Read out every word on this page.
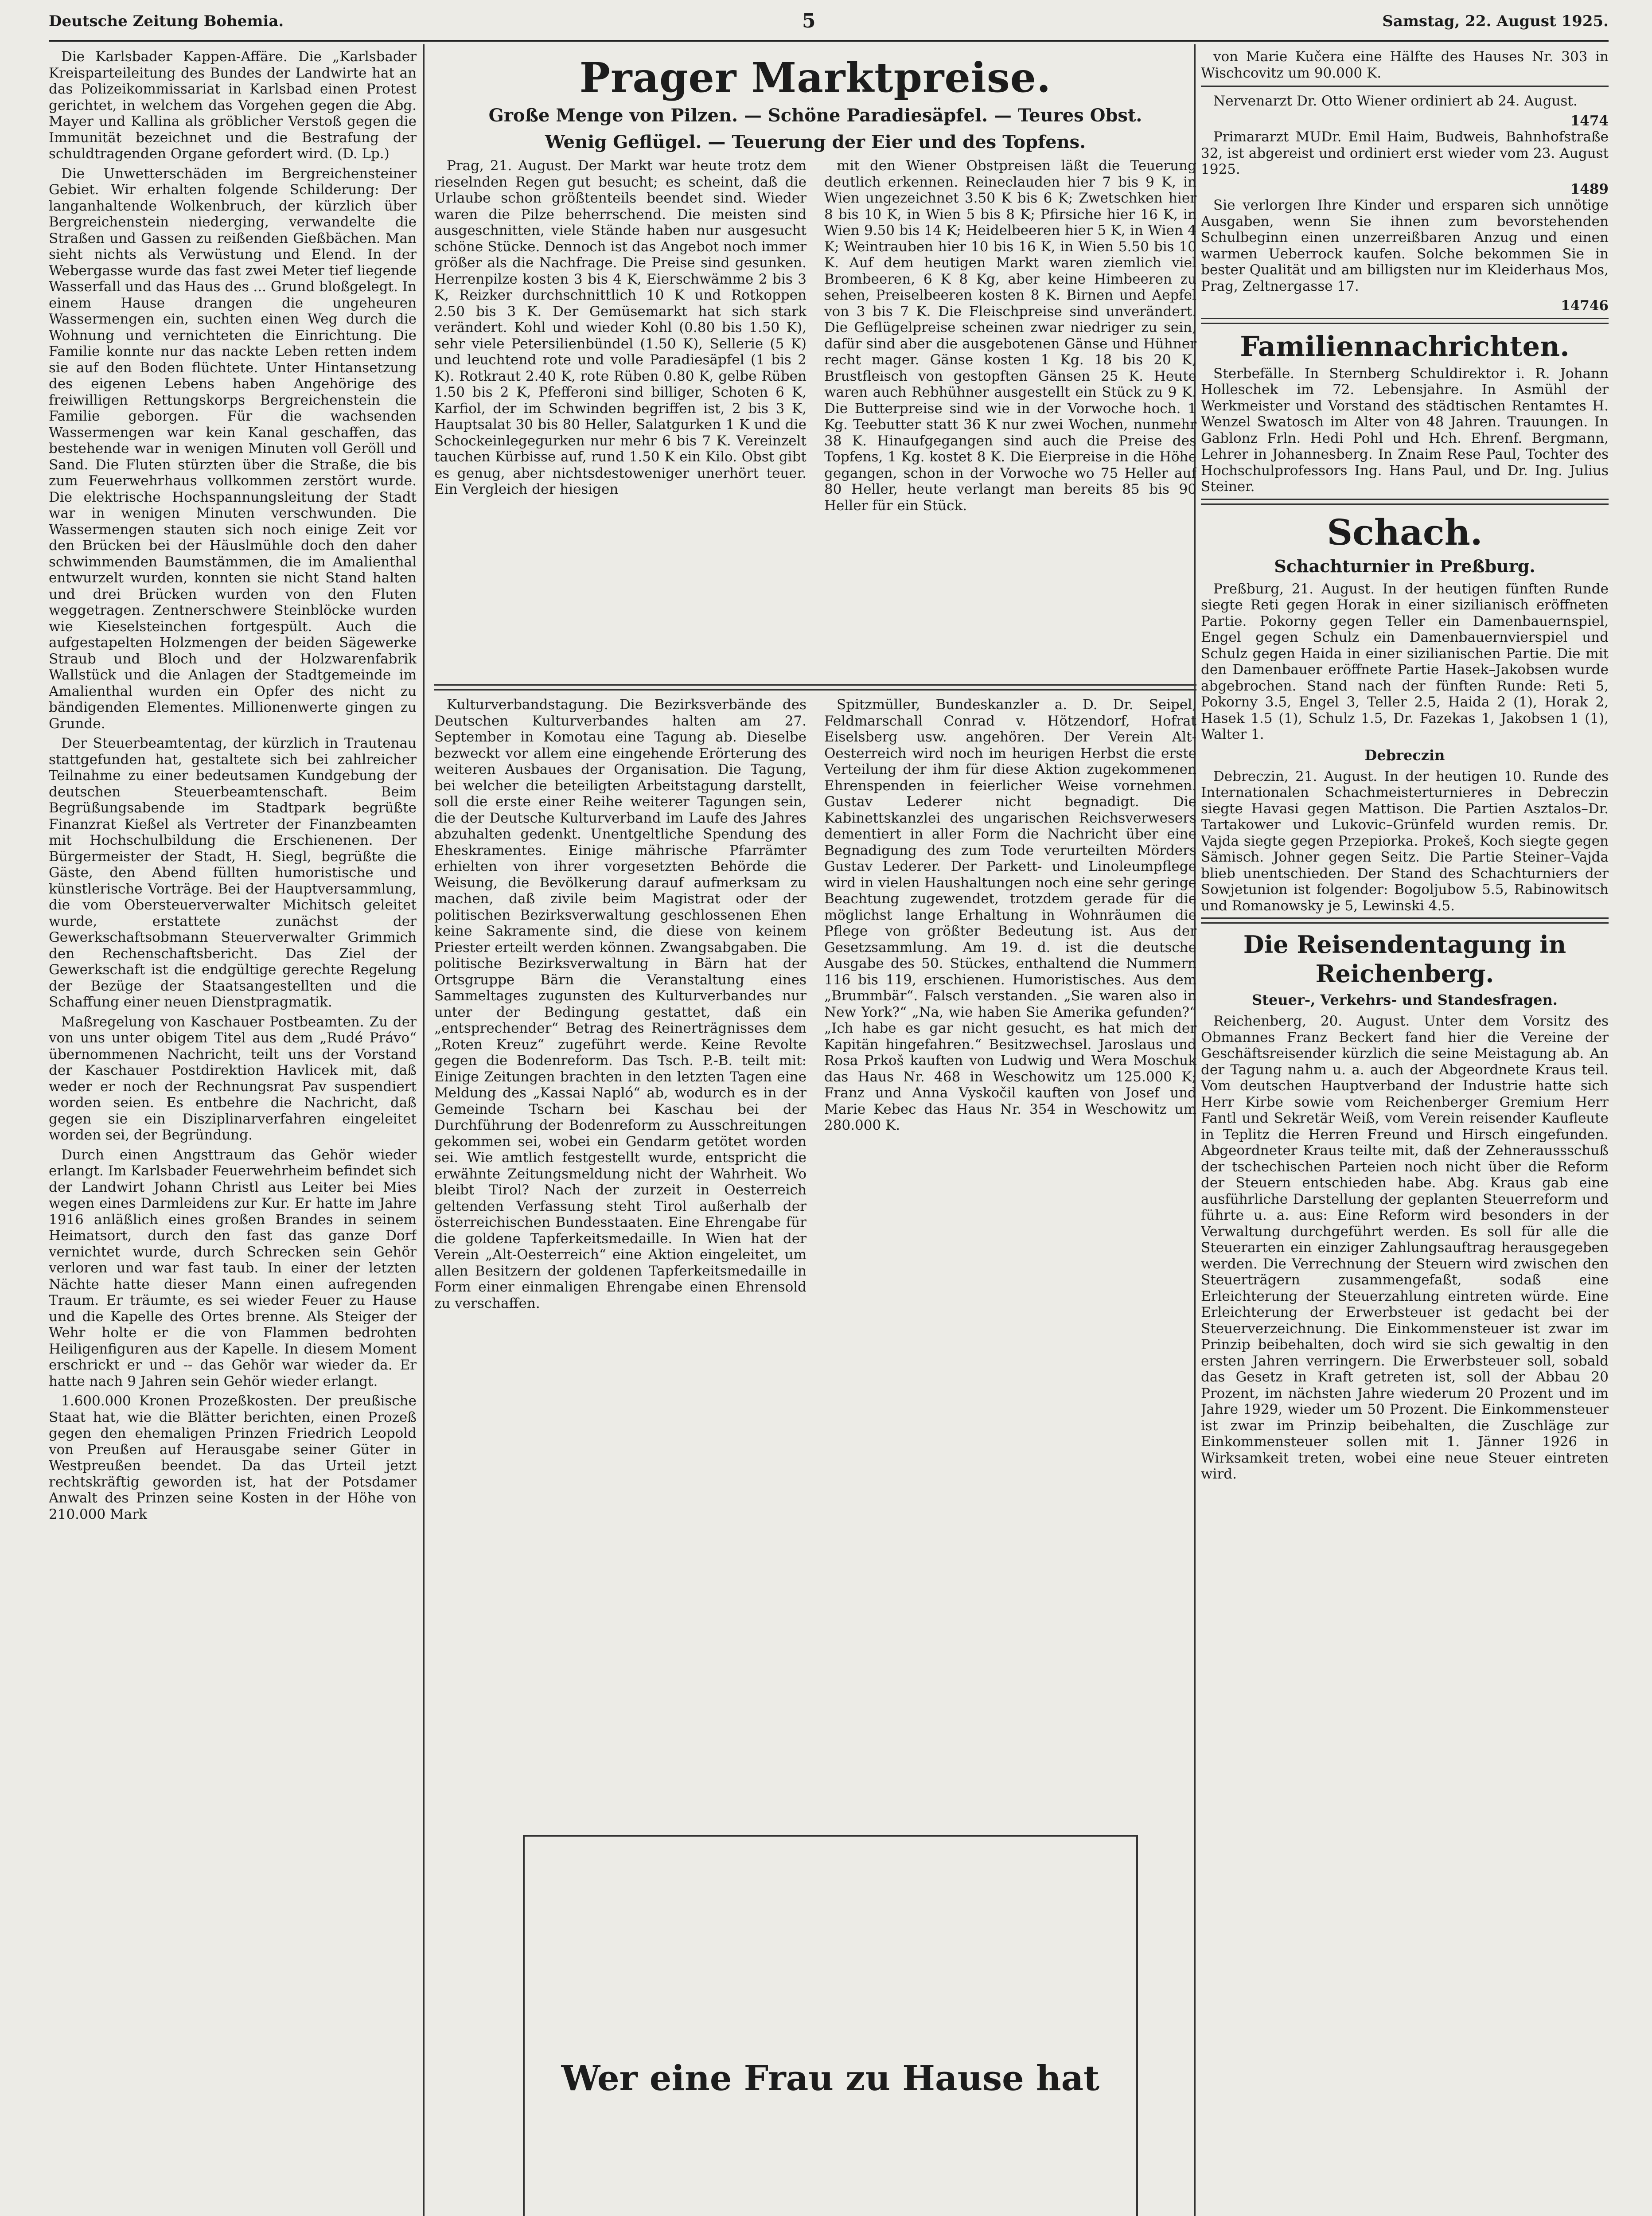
Deutsche Zeitung Bohemia.	5	Samstag, 22. August 1925.

Die Karlsbader Kappen-Affäre. Die „Karlsbader Kreisparteileitung des Bundes der Landwirte hat an das Polizeikommissariat in Karlsbad einen Protest gerichtet, in welchem das Vorgehen gegen die Abg. Mayer und Kallina als gröblicher Verstoß gegen die Immunität bezeichnet und die Bestrafung der schuldtragenden Organe gefordert wird. (D. Lp.)

Die Unwetterschäden im Bergreichensteiner Gebiet. Wir erhalten folgende Schilderung: Der langanhaltende Wolkenbruch, der kürzlich über Bergreichenstein niederging, verwandelte die Straßen und Gassen zu reißenden Gießbächen. Man sieht nichts als Verwüstung und Elend. In der Webergasse wurde das fast zwei Meter tief liegende Wasserfall und das Haus des ... Grund bloßgelegt. In einem Hause drangen die ungeheuren Wassermengen ein, suchten einen Weg durch die Wohnung und vernichteten die Einrichtung. Die Familie konnte nur das nackte Leben retten indem sie auf den Boden flüchtete. Unter Hintansetzung des eigenen Lebens haben Angehörige des freiwilligen Rettungskorps Bergreichenstein die Familie geborgen. Für die wachsenden Wassermengen war kein Kanal geschaffen, das bestehende war in wenigen Minuten voll Geröll und Sand. Die Fluten stürzten über die Straße, die bis zum Feuerwehrhaus vollkommen zerstört wurde. Die elektrische Hochspannungsleitung der Stadt war in wenigen Minuten verschwunden. Die Wassermengen stauten sich noch einige Zeit vor den Brücken bei der Häuslmühle doch den daher schwimmenden Baumstämmen, die im Amalienthal entwurzelt wurden, konnten sie nicht Stand halten und drei Brücken wurden von den Fluten weggetragen. Zentnerschwere Steinblöcke wurden wie Kieselsteinchen fortgespült. Auch die aufgestapelten Holzmengen der beiden Sägewerke Straub und Bloch und der Holzwarenfabrik Wallstück und die Anlagen der Stadtgemeinde im Amalienthal wurden ein Opfer des nicht zu bändigenden Elementes. Millionenwerte gingen zu Grunde.

Der Steuerbeamtentag, der kürzlich in Trautenau stattgefunden hat, gestaltete sich bei zahlreicher Teilnahme zu einer bedeutsamen Kundgebung der deutschen Steuerbeamtenschaft. Beim Begrüßungsabende im Stadtpark begrüßte Finanzrat Kießel als Vertreter der Finanzbeamten mit Hochschulbildung die Erschienenen. Der Bürgermeister der Stadt, H. Siegl, begrüßte die Gäste, den Abend füllten humoristische und künstlerische Vorträge. Bei der Hauptversammlung, die vom Obersteuerverwalter Michitsch geleitet wurde, erstattete zunächst der Gewerkschaftsobmann Steuerverwalter Grimmich den Rechenschaftsbericht. Das Ziel der Gewerkschaft ist die endgültige gerechte Regelung der Bezüge der Staatsangestellten und die Schaffung einer neuen Dienstpragmatik.

Maßregelung von Kaschauer Postbeamten. Zu der von uns unter obigem Titel aus dem „Rudé Právo“ übernommenen Nachricht, teilt uns der Vorstand der Kaschauer Postdirektion Havlicek mit, daß weder er noch der Rechnungsrat Pav suspendiert worden seien. Es entbehre die Nachricht, daß gegen sie ein Disziplinarverfahren eingeleitet worden sei, der Begründung.

Durch einen Angsttraum das Gehör wieder erlangt. Im Karlsbader Feuerwehrheim befindet sich der Landwirt Johann Christl aus Leiter bei Mies wegen eines Darmleidens zur Kur. Er hatte im Jahre 1916 anläßlich eines großen Brandes in seinem Heimatsort, durch den fast das ganze Dorf vernichtet wurde, durch Schrecken sein Gehör verloren und war fast taub. In einer der letzten Nächte hatte dieser Mann einen aufregenden Traum. Er träumte, es sei wieder Feuer zu Hause und die Kapelle des Ortes brenne. Als Steiger der Wehr holte er die von Flammen bedrohten Heiligenfiguren aus der Kapelle. In diesem Moment erschrickt er und -- das Gehör war wieder da. Er hatte nach 9 Jahren sein Gehör wieder erlangt.

1.600.000 Kronen Prozeßkosten. Der preußische Staat hat, wie die Blätter berichten, einen Prozeß gegen den ehemaligen Prinzen Friedrich Leopold von Preußen auf Herausgabe seiner Güter in Westpreußen beendet. Da das Urteil jetzt rechtskräftig geworden ist, hat der Potsdamer Anwalt des Prinzen seine Kosten in der Höhe von 210.000 Mark

Prager Marktpreise.
Große Menge von Pilzen. — Schöne Paradiesäpfel. — Teures Obst.
Wenig Geflügel. — Teuerung der Eier und des Topfens.

Prag, 21. August. Der Markt war heute trotz dem rieselnden Regen gut besucht; es scheint, daß die Urlaube schon größtenteils beendet sind. Wieder waren die Pilze beherrschend. Die meisten sind ausgeschnitten, viele Stände haben nur ausgesucht schöne Stücke. Dennoch ist das Angebot noch immer größer als die Nachfrage. Die Preise sind gesunken. Herrenpilze kosten 3 bis 4 K, Eierschwämme 2 bis 3 K, Reizker durchschnittlich 10 K und Rotkoppen 2.50 bis 3 K. Der Gemüsemarkt hat sich stark verändert. Kohl und wieder Kohl (0.80 bis 1.50 K), sehr viele Petersilienbündel (1.50 K), Sellerie (5 K) und leuchtend rote und volle Paradiesäpfel (1 bis 2 K). Rotkraut 2.40 K, rote Rüben 0.80 K, gelbe Rüben 1.50 bis 2 K, Pfefferoni sind billiger, Schoten 6 K, Karfiol, der im Schwinden begriffen ist, 2 bis 3 K, Hauptsalat 30 bis 80 Heller, Salatgurken 1 K und die Schockeinlegegurken nur mehr 6 bis 7 K. Vereinzelt tauchen Kürbisse auf, rund 1.50 K ein Kilo. Obst gibt es genug, aber nichtsdestoweniger unerhört teuer. Ein Vergleich der hiesigen

mit den Wiener Obstpreisen läßt die Teuerung deutlich erkennen. Reineclauden hier 7 bis 9 K, in Wien ungezeichnet 3.50 K bis 6 K; Zwetschken hier 8 bis 10 K, in Wien 5 bis 8 K; Pfirsiche hier 16 K, in Wien 9.50 bis 14 K; Heidelbeeren hier 5 K, in Wien 4 K; Weintrauben hier 10 bis 16 K, in Wien 5.50 bis 10 K. Auf dem heutigen Markt waren ziemlich viel Brombeeren, 6 K 8 Kg, aber keine Himbeeren zu sehen, Preiselbeeren kosten 8 K. Birnen und Aepfel von 3 bis 7 K. Die Fleischpreise sind unverändert. Die Geflügelpreise scheinen zwar niedriger zu sein, dafür sind aber die ausgebotenen Gänse und Hühner recht mager. Gänse kosten 1 Kg. 18 bis 20 K, Brustfleisch von gestopften Gänsen 25 K. Heute waren auch Rebhühner ausgestellt ein Stück zu 9 K. Die Butterpreise sind wie in der Vorwoche hoch. 1 Kg. Teebutter statt 36 K nur zwei Wochen, nunmehr 38 K. Hinaufgegangen sind auch die Preise des Topfens, 1 Kg. kostet 8 K. Die Eierpreise in die Höhe gegangen, schon in der Vorwoche wo 75 Heller auf 80 Heller, heute verlangt man bereits 85 bis 90 Heller für ein Stück.

Kulturverbandstagung. Die Bezirksverbände des Deutschen Kulturverbandes halten am 27. September in Komotau eine Tagung ab. Dieselbe bezweckt vor allem eine eingehende Erörterung des weiteren Ausbaues der Organisation. Die Tagung, bei welcher die beteiligten Arbeitstagung darstellt, soll die erste einer Reihe weiterer Tagungen sein, die der Deutsche Kulturverband im Laufe des Jahres abzuhalten gedenkt. Unentgeltliche Spendung des Eheskramentes. Einige mährische Pfarrämter erhielten von ihrer vorgesetzten Behörde die Weisung, die Bevölkerung darauf aufmerksam zu machen, daß zivile beim Magistrat oder der politischen Bezirksverwaltung geschlossenen Ehen keine Sakramente sind, die diese von keinem Priester erteilt werden können. Zwangsabgaben. Die politische Bezirksverwaltung in Bärn hat der Ortsgruppe Bärn die Veranstaltung eines Sammeltages zugunsten des Kulturverbandes nur unter der Bedingung gestattet, daß ein „entsprechender“ Betrag des Reinerträgnisses dem „Roten Kreuz“ zugeführt werde. Keine Revolte gegen die Bodenreform. Das Tsch. P.-B. teilt mit: Einige Zeitungen brachten in den letzten Tagen eine Meldung des „Kassai Napló“ ab, wodurch es in der Gemeinde Tscharn bei Kaschau bei der Durchführung der Bodenreform zu Ausschreitungen gekommen sei, wobei ein Gendarm getötet worden sei. Wie amtlich festgestellt wurde, entspricht die erwähnte Zeitungsmeldung nicht der Wahrheit. Wo bleibt Tirol? Nach der zurzeit in Oesterreich geltenden Verfassung steht Tirol außerhalb der österreichischen Bundesstaaten. Eine Ehrengabe für die goldene Tapferkeitsmedaille. In Wien hat der Verein „Alt-Oesterreich“ eine Aktion eingeleitet, um allen Besitzern der goldenen Tapferkeitsmedaille in Form einer einmaligen Ehrengabe einen Ehrensold zu verschaffen.

Spitzmüller, Bundeskanzler a. D. Dr. Seipel, Feldmarschall Conrad v. Hötzendorf, Hofrat Eiselsberg usw. angehören. Der Verein Alt-Oesterreich wird noch im heurigen Herbst die erste Verteilung der ihm für diese Aktion zugekommenen Ehrenspenden in feierlicher Weise vornehmen. Gustav Lederer nicht begnadigt. Die Kabinettskanzlei des ungarischen Reichsverwesers dementiert in aller Form die Nachricht über eine Begnadigung des zum Tode verurteilten Mörders Gustav Lederer. Der Parkett- und Linoleumpflege wird in vielen Haushaltungen noch eine sehr geringe Beachtung zugewendet, trotzdem gerade für die möglichst lange Erhaltung in Wohnräumen die Pflege von größter Bedeutung ist. Aus der Gesetzsammlung. Am 19. d. ist die deutsche Ausgabe des 50. Stückes, enthaltend die Nummern 116 bis 119, erschienen. Humoristisches. Aus dem „Brummbär“. Falsch verstanden. „Sie waren also in New York?“ „Na, wie haben Sie Amerika gefunden?“ „Ich habe es gar nicht gesucht, es hat mich der Kapitän hingefahren.“ Besitzwechsel. Jaroslaus und Rosa Prkoš kauften von Ludwig und Wera Moschuk das Haus Nr. 468 in Weschowitz um 125.000 K; Franz und Anna Vyskočil kauften von Josef und Marie Kebec das Haus Nr. 354 in Weschowitz um 280.000 K.

Wer eine Frau zu Hause hat

von Marie Kučera eine Hälfte des Hauses Nr. 303 in Wischcovitz um 90.000 K.

Nervenarzt Dr. Otto Wiener ordiniert ab 24. August.

1474

Primararzt MUDr. Emil Haim, Budweis, Bahnhofstraße 32, ist abgereist und ordiniert erst wieder vom 23. August 1925.

1489

Sie verlorgen Ihre Kinder und ersparen sich unnötige Ausgaben, wenn Sie ihnen zum bevorstehenden Schulbeginn einen unzerreißbaren Anzug und einen warmen Ueberrock kaufen. Solche bekommen Sie in bester Qualität und am billigsten nur im Kleiderhaus Mos, Prag, Zeltnergasse 17.

14746
Familiennachrichten.

Sterbefälle. In Sternberg Schuldirektor i. R. Johann Holleschek im 72. Lebensjahre. In Asmühl der Werkmeister und Vorstand des städtischen Rentamtes H. Wenzel Swatosch im Alter von 48 Jahren. Trauungen. In Gablonz Frln. Hedi Pohl und Hch. Ehrenf. Bergmann, Lehrer in Johannesberg. In Znaim Rese Paul, Tochter des Hochschulprofessors Ing. Hans Paul, und Dr. Ing. Julius Steiner.

Schach.
Schachturnier in Preßburg.

Preßburg, 21. August. In der heutigen fünften Runde siegte Reti gegen Horak in einer sizilianisch eröffneten Partie. Pokorny gegen Teller ein Damenbauernspiel, Engel gegen Schulz ein Damenbauernvierspiel und Schulz gegen Haida in einer sizilianischen Partie. Die mit den Damenbauer eröffnete Partie Hasek–Jakobsen wurde abgebrochen. Stand nach der fünften Runde: Reti 5, Pokorny 3.5, Engel 3, Teller 2.5, Haida 2 (1), Horak 2, Hasek 1.5 (1), Schulz 1.5, Dr. Fazekas 1, Jakobsen 1 (1), Walter 1.

Debreczin

Debreczin, 21. August. In der heutigen 10. Runde des Internationalen Schachmeisterturnieres in Debreczin siegte Havasi gegen Mattison. Die Partien Asztalos–Dr. Tartakower und Lukovic–Grünfeld wurden remis. Dr. Vajda siegte gegen Przepiorka. Prokeš, Koch siegte gegen Sämisch. Johner gegen Seitz. Die Partie Steiner–Vajda blieb unentschieden. Der Stand des Schachturniers der Sowjetunion ist folgender: Bogoljubow 5.5, Rabinowitsch und Romanowsky je 5, Lewinski 4.5.

Die Reisendentagung in Reichenberg.
Steuer-, Verkehrs- und Standesfragen.

Reichenberg, 20. August. Unter dem Vorsitz des Obmannes Franz Beckert fand hier die Vereine der Geschäftsreisender kürzlich die seine Meistagung ab. An der Tagung nahm u. a. auch der Abgeordnete Kraus teil. Vom deutschen Hauptverband der Industrie hatte sich Herr Kirbe sowie vom Reichenberger Gremium Herr Fantl und Sekretär Weiß, vom Verein reisender Kaufleute in Teplitz die Herren Freund und Hirsch eingefunden. Abgeordneter Kraus teilte mit, daß der Zehneraussschuß der tschechischen Parteien noch nicht über die Reform der Steuern entschieden habe. Abg. Kraus gab eine ausführliche Darstellung der geplanten Steuerreform und führte u. a. aus: Eine Reform wird besonders in der Verwaltung durchgeführt werden. Es soll für alle die Steuerarten ein einziger Zahlungsauftrag herausgegeben werden. Die Verrechnung der Steuern wird zwischen den Steuerträgern zusammengefaßt, sodaß eine Erleichterung der Steuerzahlung eintreten würde. Eine Erleichterung der Erwerbsteuer ist gedacht bei der Steuerverzeichnung. Die Einkommensteuer ist zwar im Prinzip beibehalten, doch wird sie sich gewaltig in den ersten Jahren verringern. Die Erwerbsteuer soll, sobald das Gesetz in Kraft getreten ist, soll der Abbau 20 Prozent, im nächsten Jahre wiederum 20 Prozent und im Jahre 1929, wieder um 50 Prozent. Die Einkommensteuer ist zwar im Prinzip beibehalten, die Zuschläge zur Einkommensteuer sollen mit 1. Jänner 1926 in Wirksamkeit treten, wobei eine neue Steuer eintreten wird.
